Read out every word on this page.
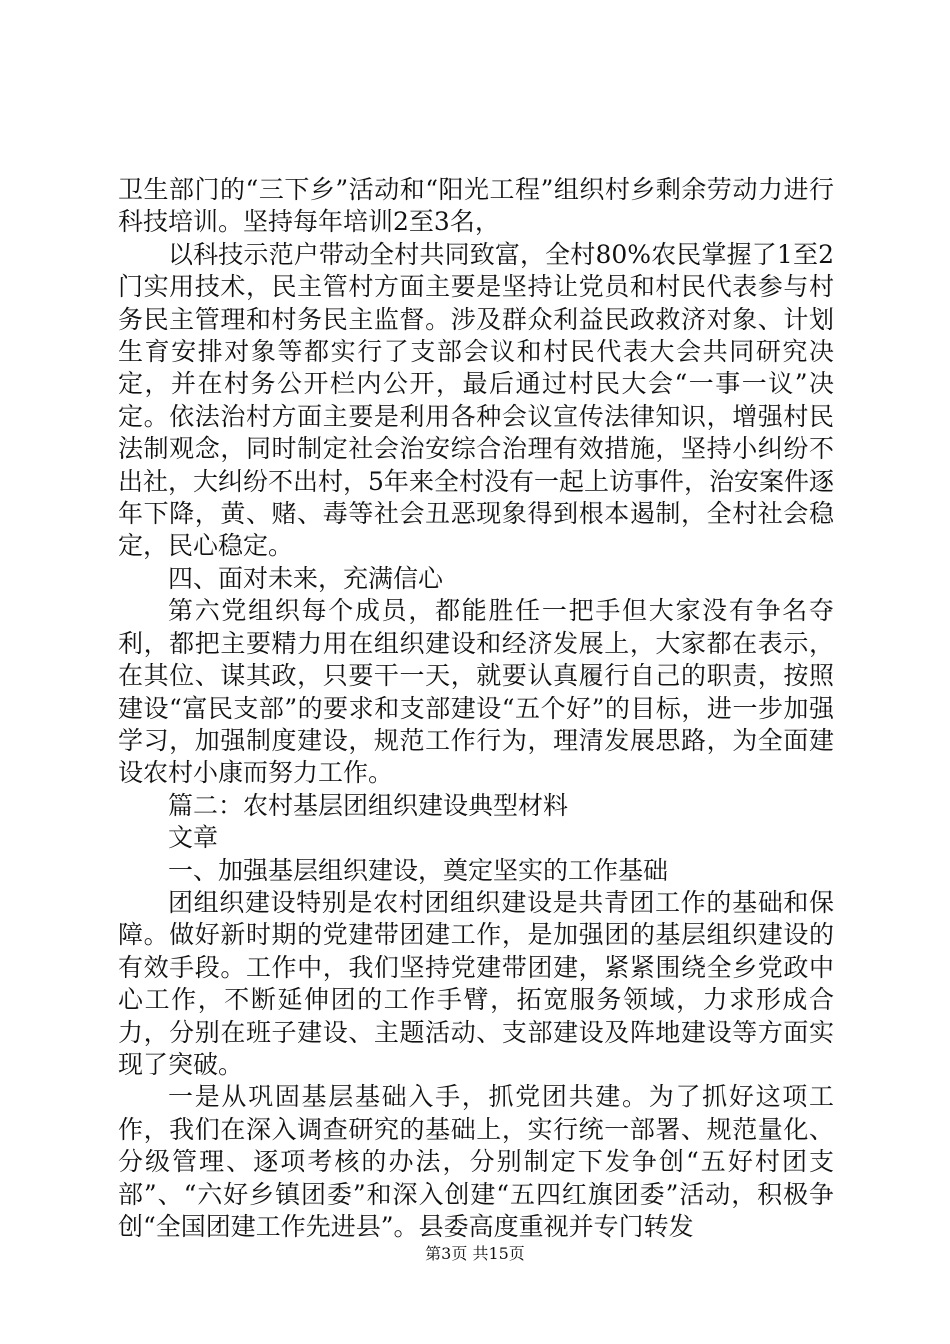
卫生部门的“三下乡”活动和“阳光工程”组织村乡剩余劳动力进行科技培训。坚持每年培训2至3名，

以科技示范户带动全村共同致富，全村80%农民掌握了1至2门实用技术，民主管村方面主要是坚持让党员和村民代表参与村务民主管理和村务民主监督。涉及群众利益民政救济对象、计划生育安排对象等都实行了支部会议和村民代表大会共同研究决定，并在村务公开栏内公开，最后通过村民大会“一事一议”决定。依法治村方面主要是利用各种会议宣传法律知识，增强村民法制观念，同时制定社会治安综合治理有效措施，坚持小纠纷不出社，大纠纷不出村，5年来全村没有一起上访事件，治安案件逐年下降，黄、赌、毒等社会丑恶现象得到根本遏制，全村社会稳定，民心稳定。

四、面对未来，充满信心

第六党组织每个成员，都能胜任一把手但大家没有争名夺利，都把主要精力用在组织建设和经济发展上，大家都在表示，在其位、谋其政，只要干一天，就要认真履行自己的职责，按照建设“富民支部”的要求和支部建设“五个好”的目标，进一步加强学习，加强制度建设，规范工作行为，理清发展思路，为全面建设农村小康而努力工作。

篇二：农村基层团组织建设典型材料

文章

一、加强基层组织建设，奠定坚实的工作基础

团组织建设特别是农村团组织建设是共青团工作的基础和保障。做好新时期的党建带团建工作，是加强团的基层组织建设的有效手段。工作中，我们坚持党建带团建，紧紧围绕全乡党政中心工作，不断延伸团的工作手臂，拓宽服务领域，力求形成合力，分别在班子建设、主题活动、支部建设及阵地建设等方面实现了突破。

一是从巩固基层基础入手，抓党团共建。为了抓好这项工作，我们在深入调查研究的基础上，实行统一部署、规范量化、分级管理、逐项考核的办法，分别制定下发争创“五好村团支部”、“六好乡镇团委”和深入创建“五四红旗团委”活动，积极争创“全国团建工作先进县”。县委高度重视并专门转发

第3页 共15页
